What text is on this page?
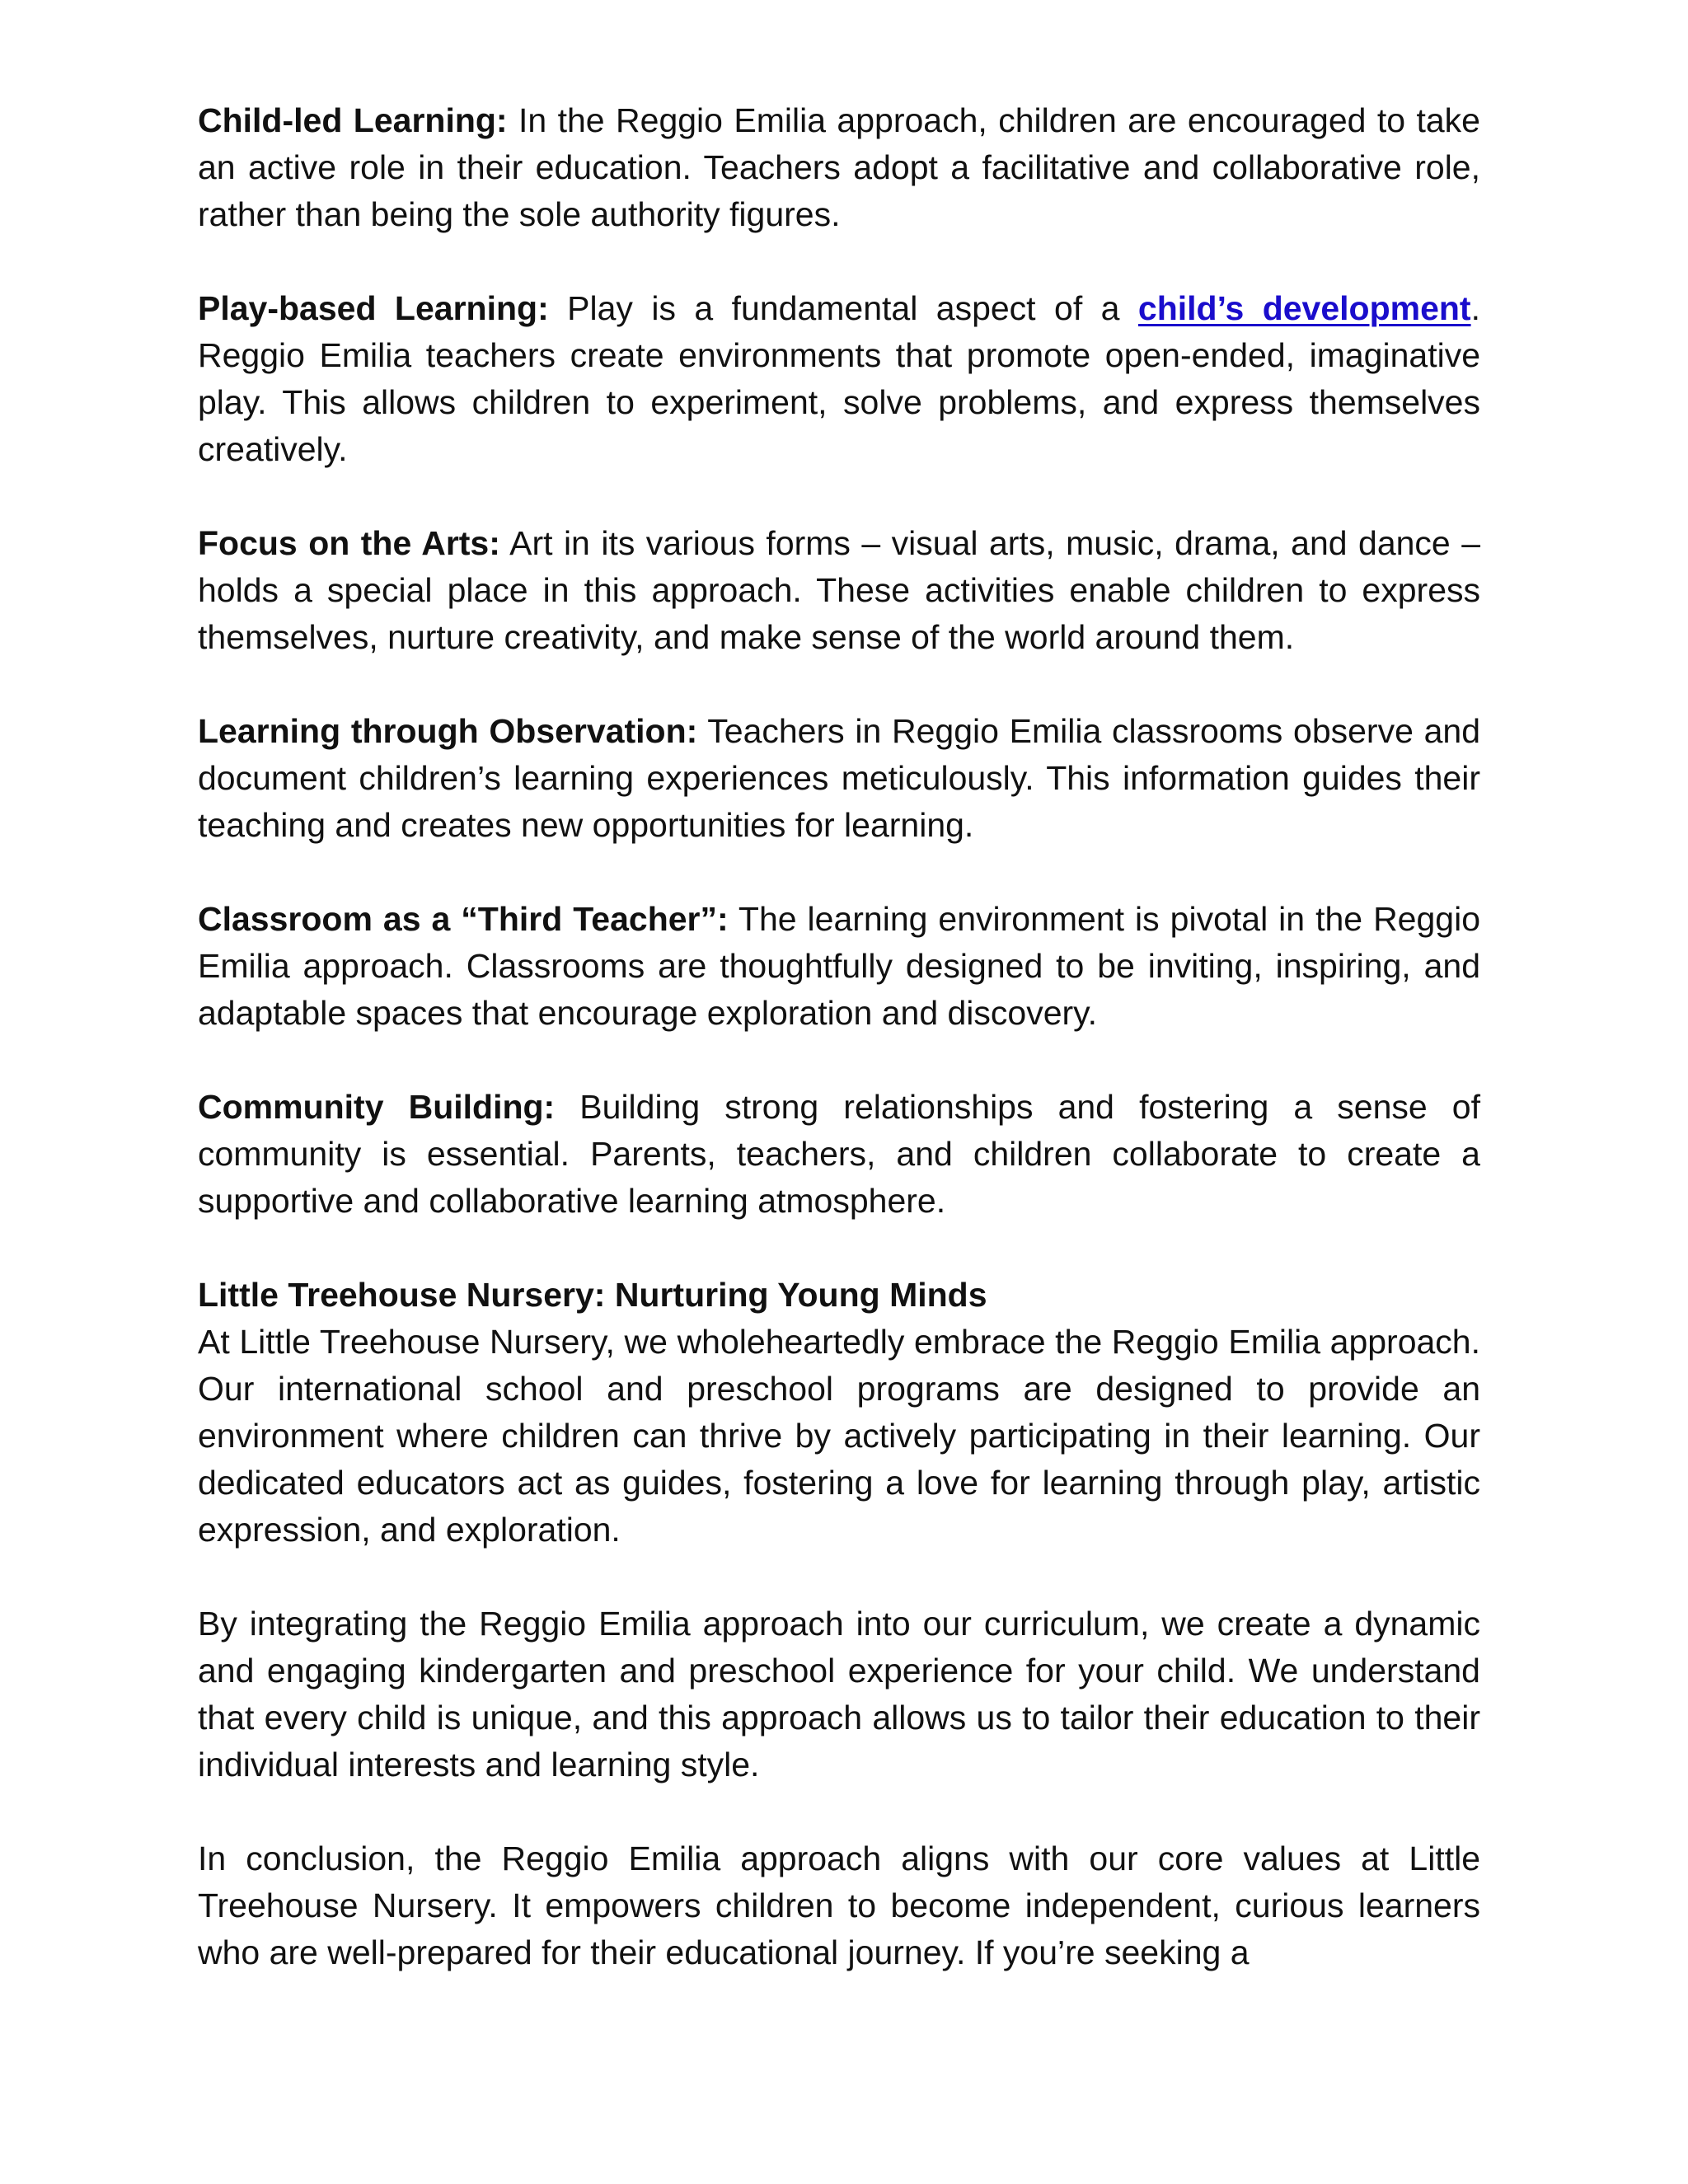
Child-led Learning: In the Reggio Emilia approach, children are encouraged to take an active role in their education. Teachers adopt a facilitative and collaborative role, rather than being the sole authority figures.

Play-based Learning: Play is a fundamental aspect of a child’s development. Reggio Emilia teachers create environments that promote open-ended, imaginative play. This allows children to experiment, solve problems, and express themselves creatively.

Focus on the Arts: Art in its various forms – visual arts, music, drama, and dance – holds a special place in this approach. These activities enable children to express themselves, nurture creativity, and make sense of the world around them.

Learning through Observation: Teachers in Reggio Emilia classrooms observe and document children’s learning experiences meticulously. This information guides their teaching and creates new opportunities for learning.

Classroom as a “Third Teacher”: The learning environment is pivotal in the Reggio Emilia approach. Classrooms are thoughtfully designed to be inviting, inspiring, and adaptable spaces that encourage exploration and discovery.

Community Building: Building strong relationships and fostering a sense of community is essential. Parents, teachers, and children collaborate to create a supportive and collaborative learning atmosphere.

Little Treehouse Nursery: Nurturing Young Minds

At Little Treehouse Nursery, we wholeheartedly embrace the Reggio Emilia approach. Our international school and preschool programs are designed to provide an environment where children can thrive by actively participating in their learning. Our dedicated educators act as guides, fostering a love for learning through play, artistic expression, and exploration.

By integrating the Reggio Emilia approach into our curriculum, we create a dynamic and engaging kindergarten and preschool experience for your child. We understand that every child is unique, and this approach allows us to tailor their education to their individual interests and learning style.

In conclusion, the Reggio Emilia approach aligns with our core values at Little Treehouse Nursery. It empowers children to become independent, curious learners who are well-prepared for their educational journey. If you’re seeking a
